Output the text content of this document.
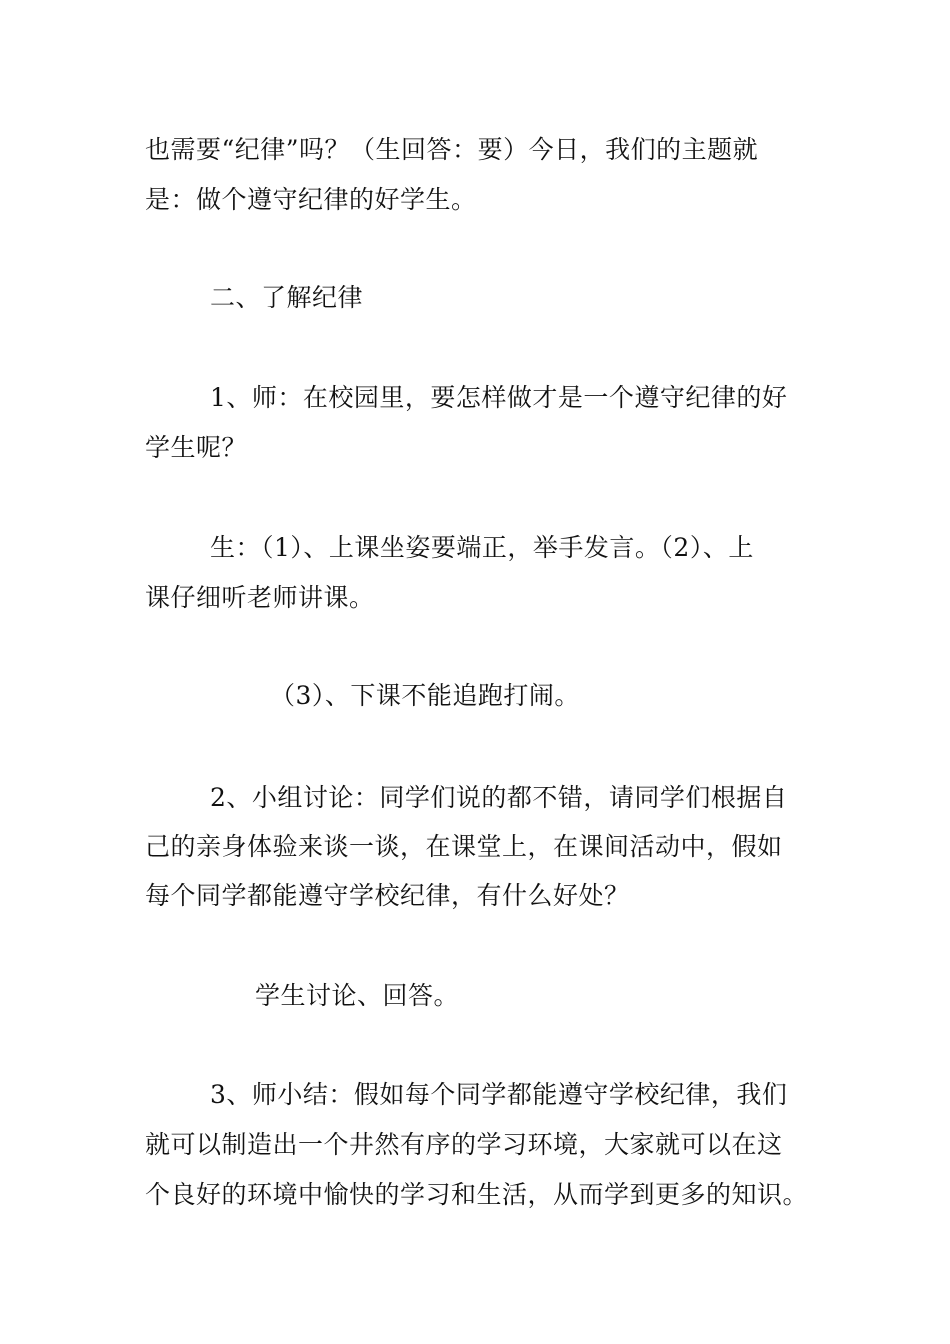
也需要“纪律”吗？（生回答：要）今日，我们的主题就
是：做个遵守纪律的好学生。
二、了解纪律
1、师：在校园里，要怎样做才是一个遵守纪律的好
学生呢？
生：（1）、上课坐姿要端正，举手发言。（2）、上
课仔细听老师讲课。
（3）、下课不能追跑打闹。
2、小组讨论：同学们说的都不错，请同学们根据自
己的亲身体验来谈一谈，在课堂上，在课间活动中，假如
每个同学都能遵守学校纪律，有什么好处？
学生讨论、回答。
3、师小结：假如每个同学都能遵守学校纪律，我们
就可以制造出一个井然有序的学习环境，大家就可以在这
个良好的环境中愉快的学习和生活，从而学到更多的知识。
